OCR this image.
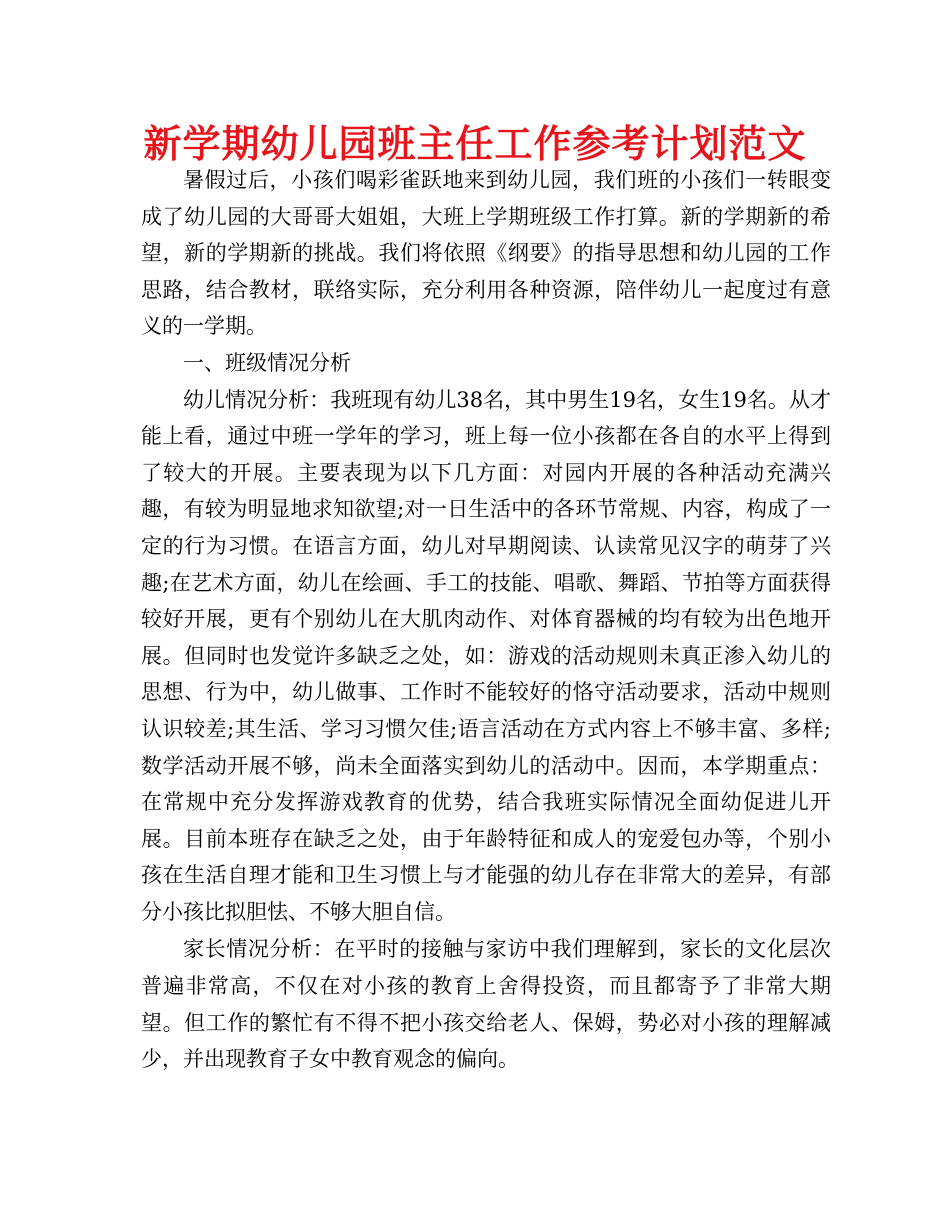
新学期幼儿园班主任工作参考计划范文

暑假过后，小孩们喝彩雀跃地来到幼儿园，我们班的小孩们一转眼变成了幼儿园的大哥哥大姐姐，大班上学期班级工作打算。新的学期新的希望，新的学期新的挑战。我们将依照《纲要》的指导思想和幼儿园的工作思路，结合教材，联络实际，充分利用各种资源，陪伴幼儿一起度过有意义的一学期。

一、班级情况分析

幼儿情况分析：我班现有幼儿38名，其中男生19名，女生19名。从才能上看，通过中班一学年的学习，班上每一位小孩都在各自的水平上得到了较大的开展。主要表现为以下几方面：对园内开展的各种活动充满兴趣，有较为明显地求知欲望;对一日生活中的各环节常规、内容，构成了一定的行为习惯。在语言方面，幼儿对早期阅读、认读常见汉字的萌芽了兴趣;在艺术方面，幼儿在绘画、手工的技能、唱歌、舞蹈、节拍等方面获得较好开展，更有个别幼儿在大肌肉动作、对体育器械的均有较为出色地开展。但同时也发觉许多缺乏之处，如：游戏的活动规则未真正渗入幼儿的思想、行为中，幼儿做事、工作时不能较好的恪守活动要求，活动中规则认识较差;其生活、学习习惯欠佳;语言活动在方式内容上不够丰富、多样;数学活动开展不够，尚未全面落实到幼儿的活动中。因而，本学期重点：在常规中充分发挥游戏教育的优势，结合我班实际情况全面幼促进儿开展。目前本班存在缺乏之处，由于年龄特征和成人的宠爱包办等，个别小孩在生活自理才能和卫生习惯上与才能强的幼儿存在非常大的差异，有部分小孩比拟胆怯、不够大胆自信。

家长情况分析：在平时的接触与家访中我们理解到，家长的文化层次普遍非常高，不仅在对小孩的教育上舍得投资，而且都寄予了非常大期望。但工作的繁忙有不得不把小孩交给老人、保姆，势必对小孩的理解减少，并出现教育子女中教育观念的偏向。
